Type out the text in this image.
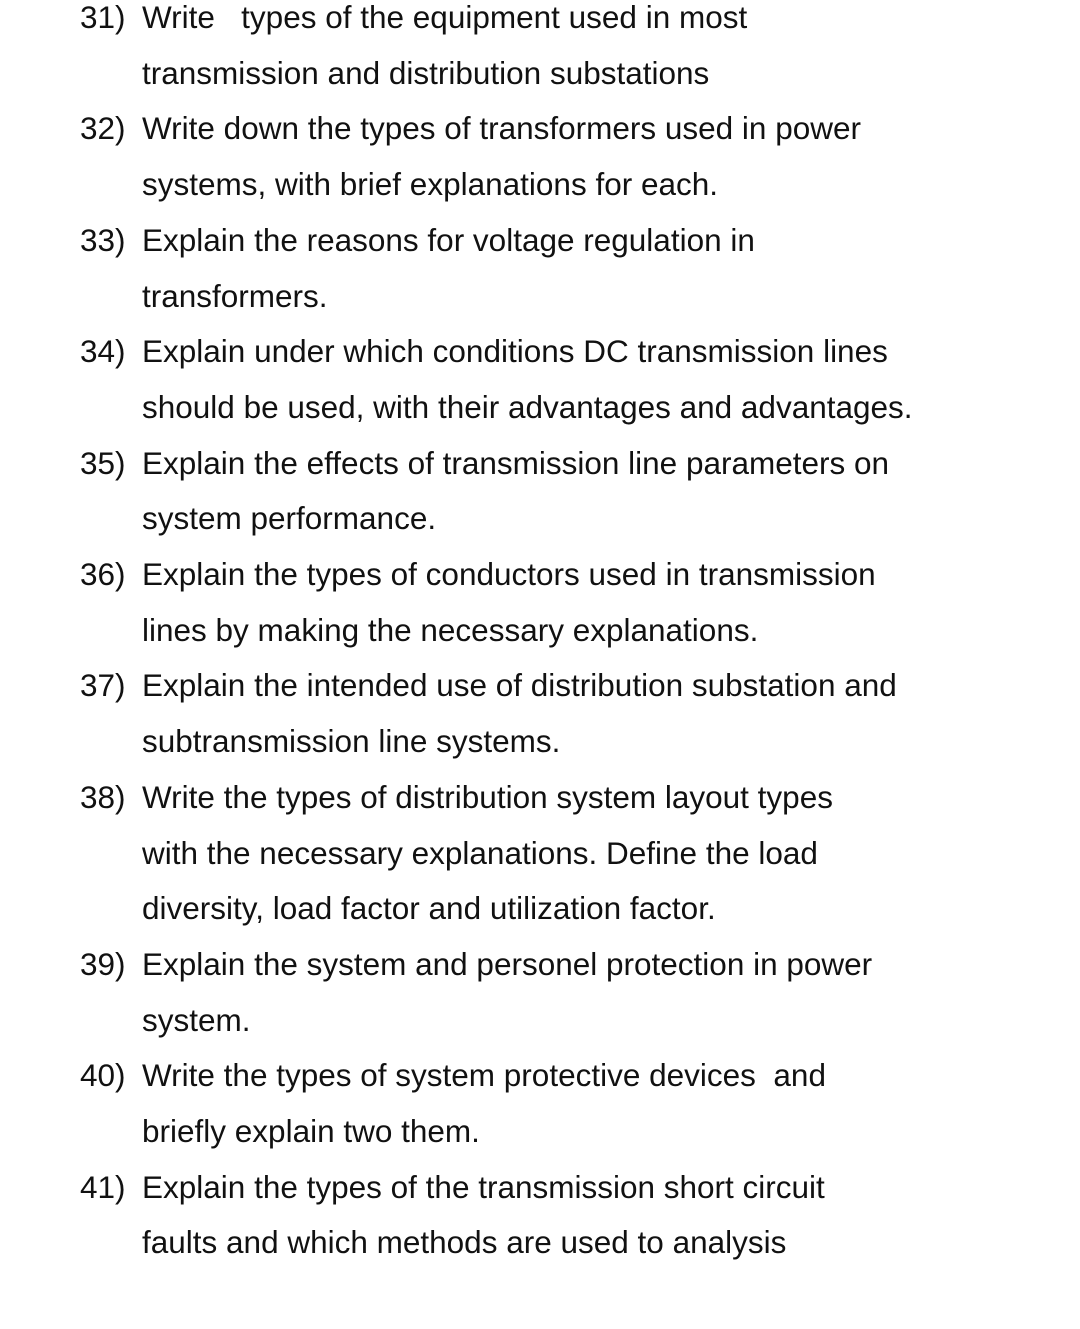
31) Write   types of the equipment used in most
transmission and distribution substations
32) Write down the types of transformers used in power
systems, with brief explanations for each.
33) Explain the reasons for voltage regulation in
transformers.
34) Explain under which conditions DC transmission lines
should be used, with their advantages and advantages.
35) Explain the effects of transmission line parameters on
system performance.
36) Explain the types of conductors used in transmission
lines by making the necessary explanations.
37) Explain the intended use of distribution substation and
subtransmission line systems.
38) Write the types of distribution system layout types
with the necessary explanations. Define the load
diversity, load factor and utilization factor.
39) Explain the system and personel protection in power
system.
40) Write the types of system protective devices  and
briefly explain two them.
41) Explain the types of the transmission short circuit
faults and which methods are used to analysis
